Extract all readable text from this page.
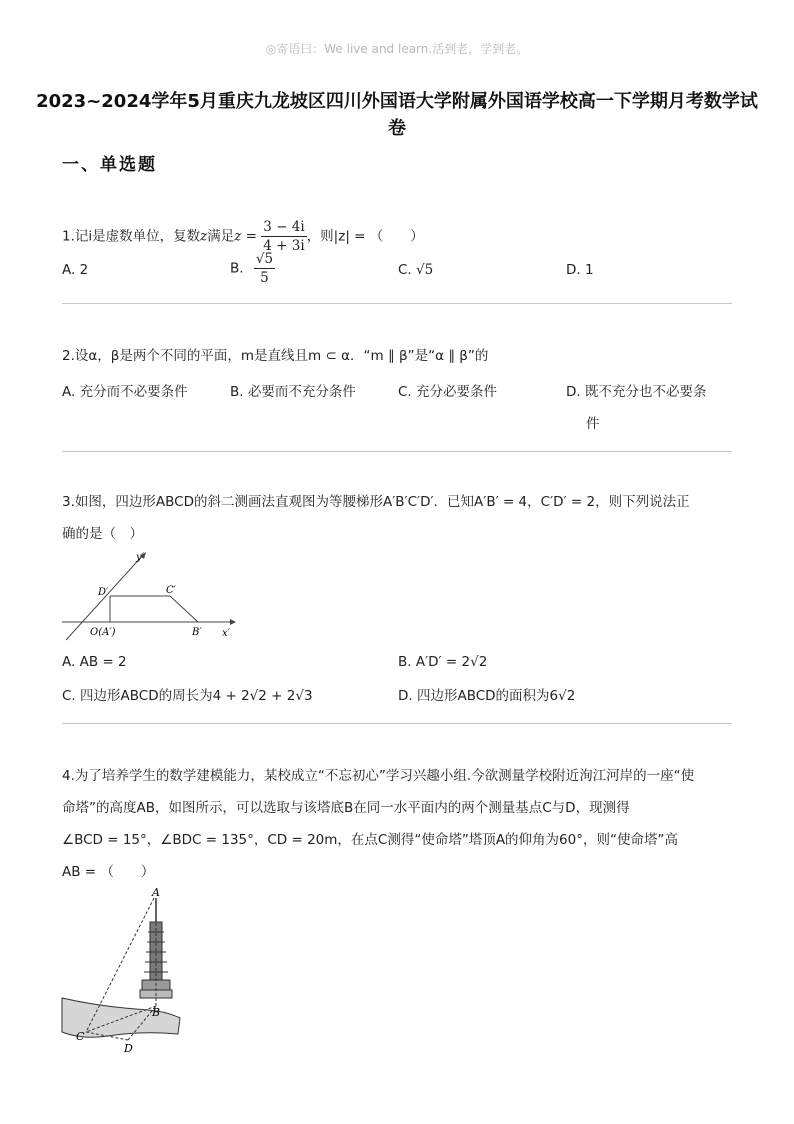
◎寄语曰：We live and learn.活到老，学到老。
2023~2024学年5月重庆九龙坡区四川外国语大学附属外国语学校高一下学期月考数学试卷
一、单选题
1.记i是虚数单位，复数z满足$z = \frac{3 - 4i}{4 + 3i}$ ，则|z| = （　　）
A. 2	B. $\frac{√5}{5}$	C. √5	D. 1
2.设α，β是两个不同的平面，m是直线且m ⊂ α．“m ∥ β”是“α ∥ β”的
A. 充分而不必要条件	B. 必要而不充分条件	C. 充分必要条件	D. 既不充分也不必要条
件
3.如图，四边形ABCD的斜二测画法直观图为等腰梯形A′B′C′D′．已知A′B′ = 4，C′D′ = 2，则下列说法正
确的是（　）
y′
x′
D′	C′
O(A′)	B′
A. AB = 2	B. A′D′ = 2√2
C. 四边形ABCD的周长为4 + 2√2 + 2√3	D. 四边形ABCD的面积为6√2
4.为了培养学生的数学建模能力，某校成立“不忘初心”学习兴趣小组.今欲测量学校附近洵江河岸的一座“使
命塔”的高度AB，如图所示，可以选取与该塔底B在同一水平面内的两个测量基点C与D，现测得
∠BCD = 15°，∠BDC = 135°，CD = 20m，在点C测得“使命塔”塔顶A的仰角为60°，则“使命塔”高
AB = （　　）
A
B
C
D
